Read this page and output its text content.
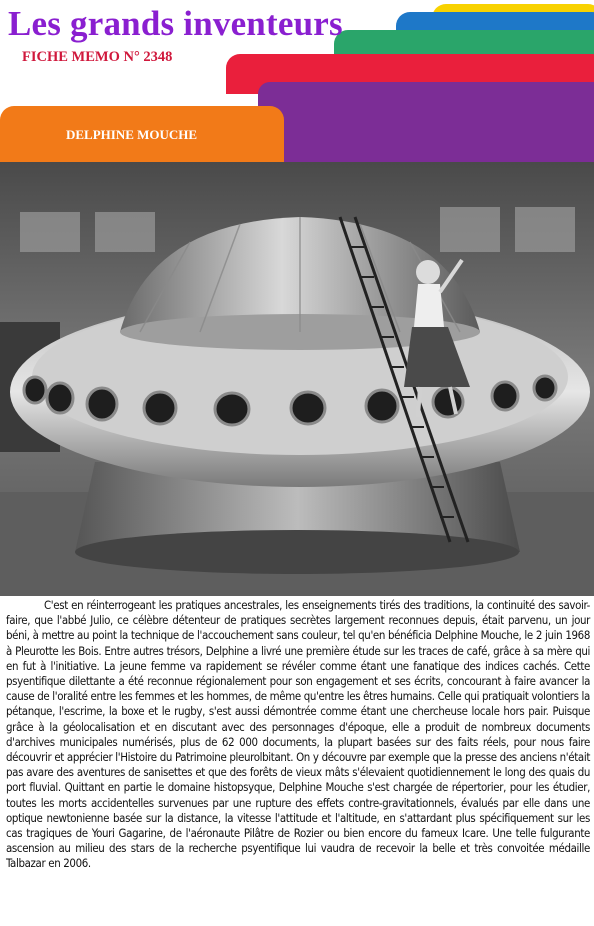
Les grands inventeurs
FICHE MEMO N° 2348
DELPHINE MOUCHE

C'est en réinterrogeant les pratiques ancestrales, les enseignements tirés des traditions, la continuité des savoir-faire, que l'abbé Julio, ce célèbre détenteur de pratiques secrètes largement reconnues depuis, était parvenu, un jour béni, à mettre au point la technique de l'accouchement sans couleur, tel qu'en bénéficia Delphine Mouche, le 2 juin 1968 à Pleurotte les Bois. Entre autres trésors, Delphine a livré une première étude sur les traces de café, grâce à sa mère qui en fut à l'initiative. La jeune femme va rapidement se révéler comme étant une fanatique des indices cachés. Cette psyentifique dilettante a été reconnue régionalement pour son engagement et ses écrits, concourant à faire avancer la cause de l'oralité entre les femmes et les hommes, de même qu'entre les êtres humains. Celle qui pratiquait volontiers la pétanque, l'escrime, la boxe et le rugby, s'est aussi démontrée comme étant une chercheuse locale hors pair. Puisque grâce à la géolocalisation et en discutant avec des personnages d'époque, elle a produit de nombreux documents d'archives municipales numérisés, plus de 62 000 documents, la plupart basées sur des faits réels, pour nous faire découvrir et apprécier l'Histoire du Patrimoine pleurolbitant. On y découvre par exemple que la presse des anciens n'était pas avare des aventures de sanisettes et que des forêts de vieux mâts s'élevaient quotidiennement le long des quais du port fluvial. Quittant en partie le domaine histopsyque, Delphine Mouche s'est chargée de répertorier, pour les étudier, toutes les morts accidentelles survenues par une rupture des effets contre-gravitationnels, évalués par elle dans une optique newtonienne basée sur la distance, la vitesse l'attitude et l'altitude, en s'attardant plus spécifiquement sur les cas tragiques de Youri Gagarine, de l'aéronaute Pilâtre de Rozier ou bien encore du fameux Icare. Une telle fulgurante ascension au milieu des stars de la recherche psyentifique lui vaudra de recevoir la belle et très convoitée médaille Talbazar en 2006.
